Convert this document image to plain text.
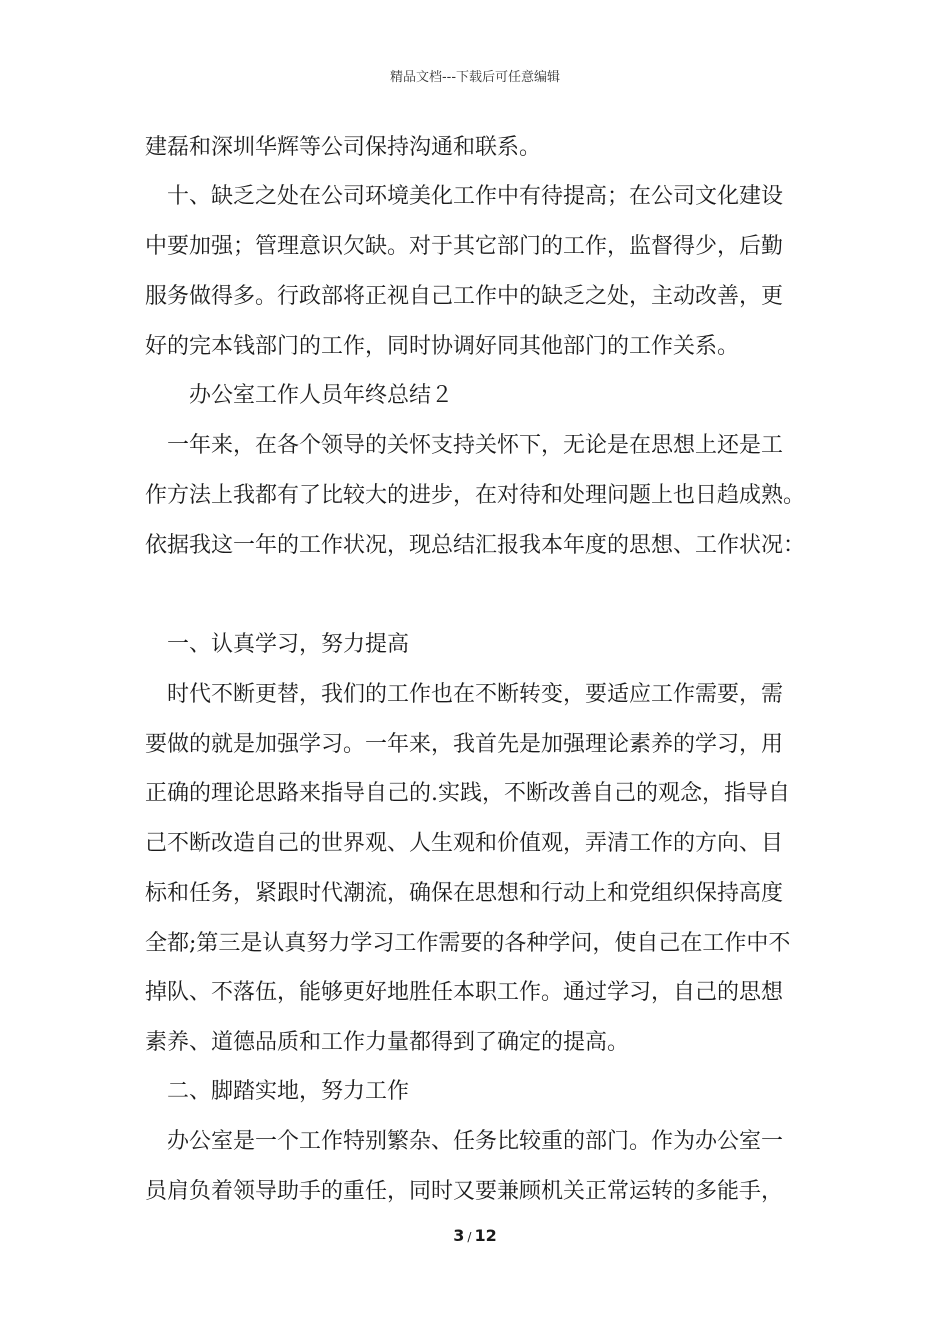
精品文档---下载后可任意编辑
建磊和深圳华辉等公司保持沟通和联系。
　十、缺乏之处在公司环境美化工作中有待提高；在公司文化建设
中要加强；管理意识欠缺。对于其它部门的工作，监督得少，后勤
服务做得多。行政部将正视自己工作中的缺乏之处，主动改善，更
好的完本钱部门的工作，同时协调好同其他部门的工作关系。
　　办公室工作人员年终总结２
　一年来，在各个领导的关怀支持关怀下，无论是在思想上还是工
作方法上我都有了比较大的进步，在对待和处理问题上也日趋成熟。
依据我这一年的工作状况，现总结汇报我本年度的思想、工作状况：
　一、认真学习，努力提高
　时代不断更替，我们的工作也在不断转变，要适应工作需要，需
要做的就是加强学习。一年来，我首先是加强理论素养的学习，用
正确的理论思路来指导自己的.实践，不断改善自己的观念，指导自
己不断改造自己的世界观、人生观和价值观，弄清工作的方向、目
标和任务，紧跟时代潮流，确保在思想和行动上和党组织保持高度
全都;第三是认真努力学习工作需要的各种学问，使自己在工作中不
掉队、不落伍，能够更好地胜任本职工作。通过学习，自己的思想
素养、道德品质和工作力量都得到了确定的提高。
　二、脚踏实地，努力工作
　办公室是一个工作特别繁杂、任务比较重的部门。作为办公室一
员肩负着领导助手的重任，同时又要兼顾机关正常运转的多能手，
3 / 12
